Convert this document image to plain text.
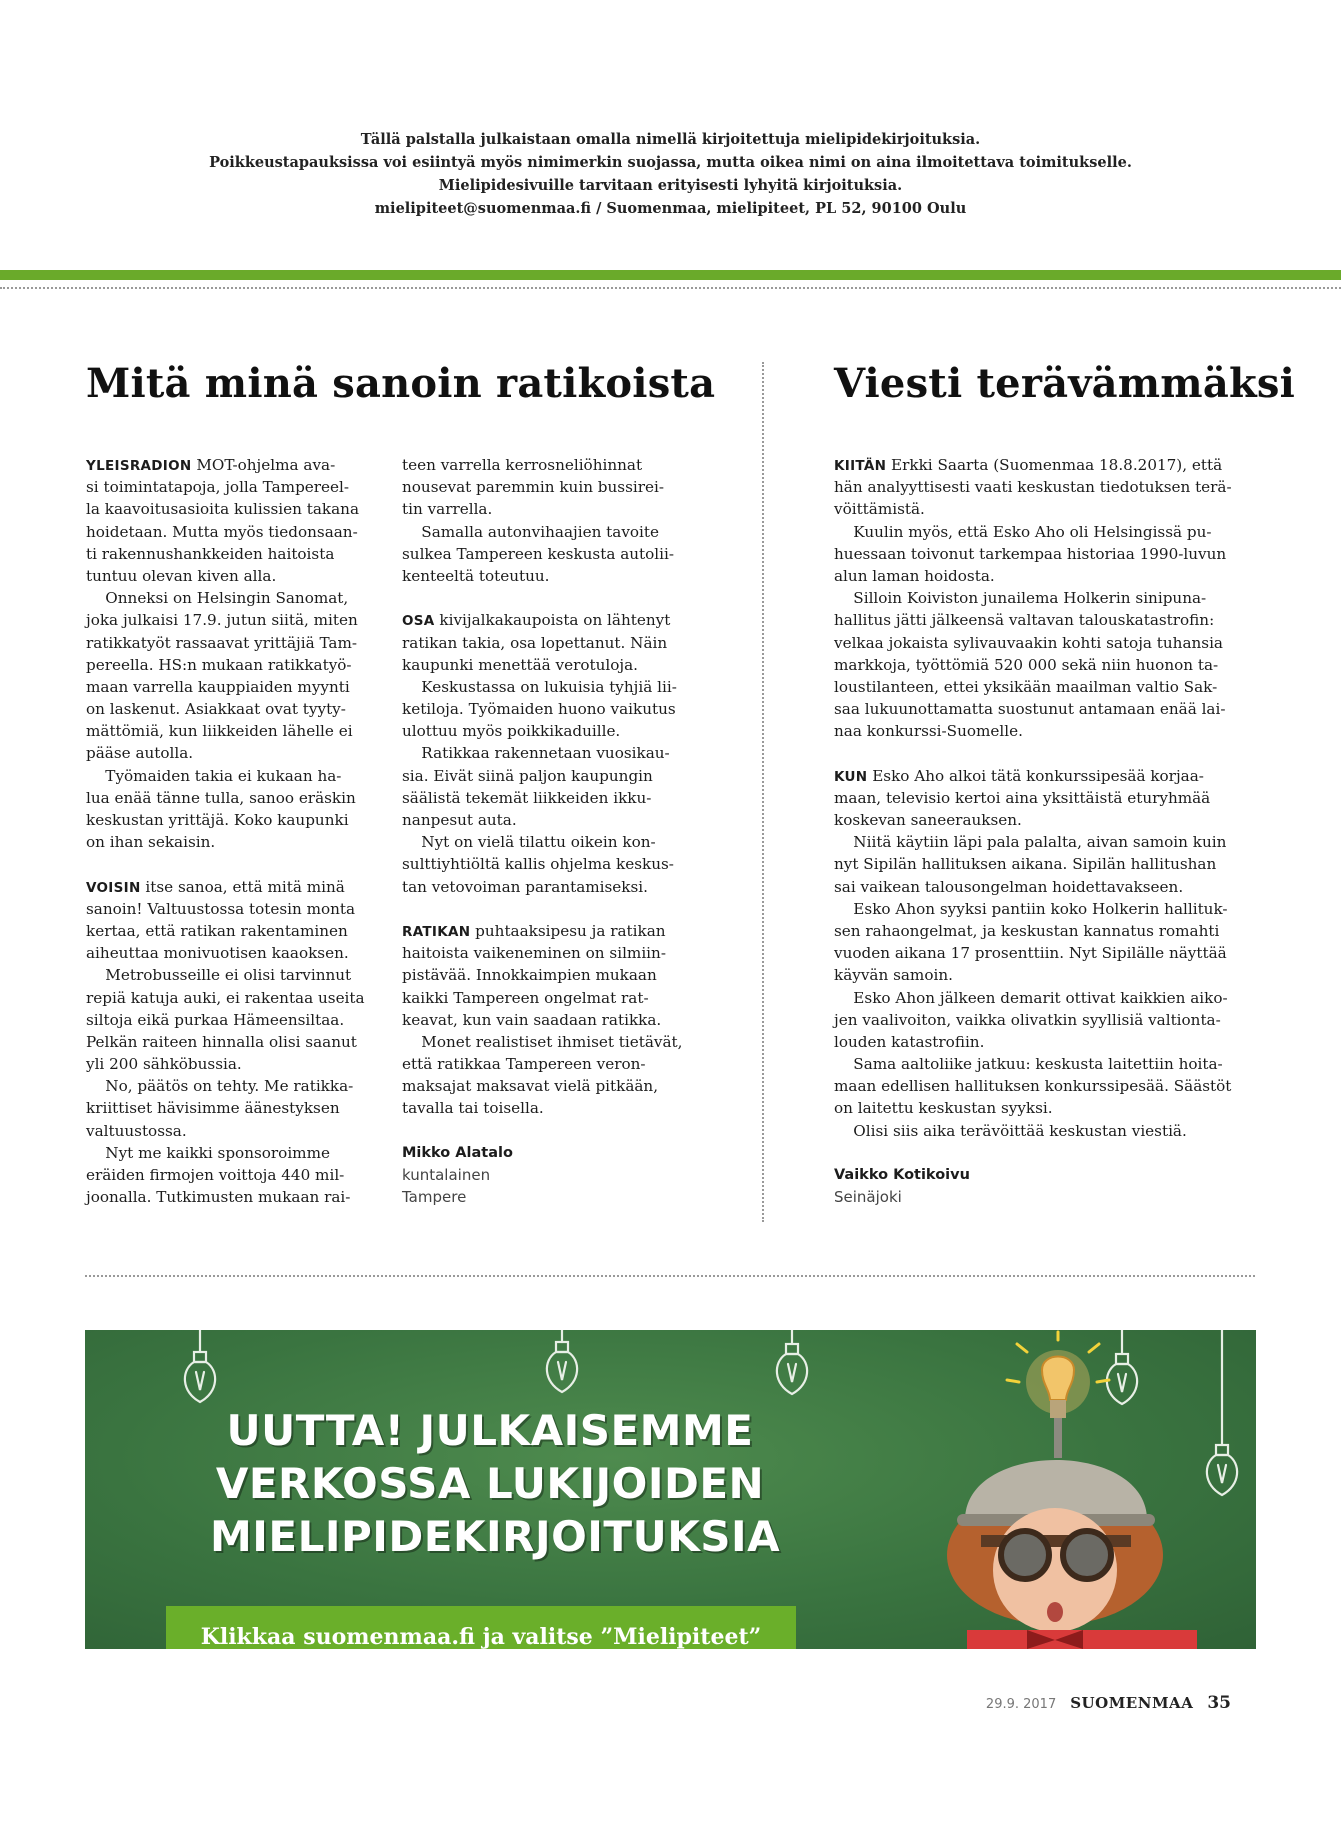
Tällä palstalla julkaistaan omalla nimellä kirjoitettuja mielipidekirjoituksia.
Poikkeustapauksissa voi esiintyä myös nimimerkin suojassa, mutta oikea nimi on aina ilmoitettava toimitukselle.
Mielipidesivuille tarvitaan erityisesti lyhyitä kirjoituksia.
mielipiteet@suomenmaa.fi / Suomenmaa, mielipiteet, PL 52, 90100 Oulu
Mitä minä sanoin ratikoista	Viesti terävämmäksi
YLEISRADION MOT-ohjelma ava-
si toimintatapoja, jolla Tampereel-
la kaavoitusasioita kulissien takana
hoidetaan. Mutta myös tiedonsaan-
ti rakennushankkeiden haitoista
tuntuu olevan kiven alla.
Onneksi on Helsingin Sanomat,
joka julkaisi 17.9. jutun siitä, miten
ratikkatyöt rassaavat yrittäjiä Tam-
pereella. HS:n mukaan ratikkatyö-
maan varrella kauppiaiden myynti
on laskenut. Asiakkaat ovat tyyty-
mättömiä, kun liikkeiden lähelle ei
pääse autolla.
Työmaiden takia ei kukaan ha-
lua enää tänne tulla, sanoo eräskin
keskustan yrittäjä. Koko kaupunki
on ihan sekaisin.
VOISIN itse sanoa, että mitä minä
sanoin! Valtuustossa totesin monta
kertaa, että ratikan rakentaminen
aiheuttaa monivuotisen kaaoksen.
Metrobusseille ei olisi tarvinnut
repiä katuja auki, ei rakentaa useita
siltoja eikä purkaa Hämeensiltaa.
Pelkän raiteen hinnalla olisi saanut
yli 200 sähköbussia.
No, päätös on tehty. Me ratikka-
kriittiset hävisimme äänestyksen
valtuustossa.
Nyt me kaikki sponsoroimme
eräiden firmojen voittoja 440 mil-
joonalla. Tutkimusten mukaan rai-
teen varrella kerrosneliöhinnat
nousevat paremmin kuin bussirei-
tin varrella.
Samalla autonvihaajien tavoite
sulkea Tampereen keskusta autolii-
kenteeltä toteutuu.
OSA kivijalkakaupoista on lähtenyt
ratikan takia, osa lopettanut. Näin
kaupunki menettää verotuloja.
Keskustassa on lukuisia tyhjiä lii-
ketiloja. Työmaiden huono vaikutus
ulottuu myös poikkikaduille.
Ratikkaa rakennetaan vuosikau-
sia. Eivät siinä paljon kaupungin
säälistä tekemät liikkeiden ikku-
nanpesut auta.
Nyt on vielä tilattu oikein kon-
sulttiyhtiöltä kallis ohjelma keskus-
tan vetovoiman parantamiseksi.
RATIKAN puhtaaksipesu ja ratikan
haitoista vaikeneminen on silmiin-
pistävää. Innokkaimpien mukaan
kaikki Tampereen ongelmat rat-
keavat, kun vain saadaan ratikka.
Monet realistiset ihmiset tietävät,
että ratikkaa Tampereen veron-
maksajat maksavat vielä pitkään,
tavalla tai toisella.
Mikko Alatalo
kuntalainen
Tampere
KIITÄN Erkki Saarta (Suomenmaa 18.8.2017), että
hän analyyttisesti vaati keskustan tiedotuksen terä-
vöittämistä.
Kuulin myös, että Esko Aho oli Helsingissä pu-
huessaan toivonut tarkempaa historiaa 1990-luvun
alun laman hoidosta.
Silloin Koiviston junailema Holkerin sinipuna-
hallitus jätti jälkeensä valtavan talouskatastrofin:
velkaa jokaista sylivauvaakin kohti satoja tuhansia
markkoja, työttömiä 520 000 sekä niin huonon ta-
loustilanteen, ettei yksikään maailman valtio Sak-
saa lukuunottamatta suostunut antamaan enää lai-
naa konkurssi-Suomelle.
KUN Esko Aho alkoi tätä konkurssipesää korjaa-
maan, televisio kertoi aina yksittäistä eturyhmää
koskevan saneerauksen.
Niitä käytiin läpi pala palalta, aivan samoin kuin
nyt Sipilän hallituksen aikana. Sipilän hallitushan
sai vaikean talousongelman hoidettavakseen.
Esko Ahon syyksi pantiin koko Holkerin hallituk-
sen rahaongelmat, ja keskustan kannatus romahti
vuoden aikana 17 prosenttiin. Nyt Sipilälle näyttää
käyvän samoin.
Esko Ahon jälkeen demarit ottivat kaikkien aiko-
jen vaalivoiton, vaikka olivatkin syyllisiä valtionta-
louden katastrofiin.
Sama aaltoliike jatkuu: keskusta laitettiin hoita-
maan edellisen hallituksen konkurssipesää. Säästöt
on laitettu keskustan syyksi.
Olisi siis aika terävöittää keskustan viestiä.
Vaikko Kotikoivu
Seinäjoki
UUTTA! JULKAISEMME
VERKOSSA LUKIJOIDEN
MIELIPIDEKIRJOITUKSIA
Klikkaa suomenmaa.fi ja valitse ”Mielipiteet”
29.9. 2017 SUOMENMAA 35
